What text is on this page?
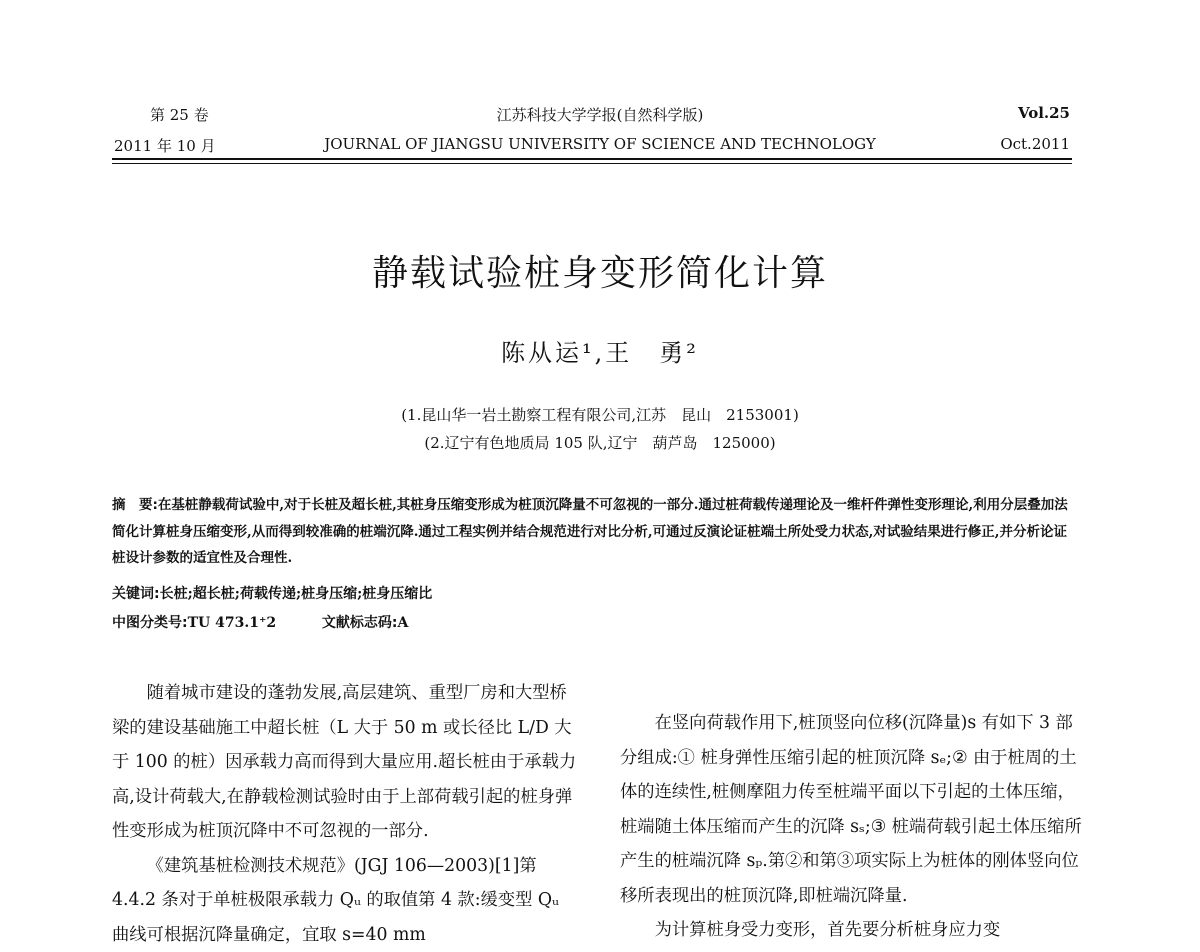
第 25 卷
2011 年 10 月
江苏科技大学学报(自然科学版)
JOURNAL OF JIANGSU UNIVERSITY OF SCIENCE AND TECHNOLOGY
Vol.25
Oct.2011
静载试验桩身变形简化计算
陈从运¹,王　勇²
(1.昆山华一岩土勘察工程有限公司,江苏　昆山　2153001)
(2.辽宁有色地质局 105 队,辽宁　葫芦岛　125000)
摘　要:在基桩静载荷试验中,对于长桩及超长桩,其桩身压缩变形成为桩顶沉降量不可忽视的一部分.通过桩荷载传递理论及一维杆件弹性变形理论,利用分层叠加法简化计算桩身压缩变形,从而得到较准确的桩端沉降.通过工程实例并结合规范进行对比分析,可通过反演论证桩端土所处受力状态,对试验结果进行修正,并分析论证桩设计参数的适宜性及合理性.
关键词:长桩;超长桩;荷载传递;桩身压缩;桩身压缩比
中图分类号:TU 473.1⁺2	文献标志码:A

随着城市建设的蓬勃发展,高层建筑、重型厂房和大型桥梁的建设基础施工中超长桩（L 大于 50 m 或长径比 L/D 大于 100 的桩）因承载力高而得到大量应用.超长桩由于承载力高,设计荷载大,在静载检测试验时由于上部荷载引起的桩身弹性变形成为桩顶沉降中不可忽视的一部分.

《建筑基桩检测技术规范》(JGJ 106—2003)[1]第 4.4.2 条对于单桩极限承载力 Qᵤ 的取值第 4 款:缓变型 Qᵤ 曲线可根据沉降量确定，宜取 s=40 mm

在竖向荷载作用下,桩顶竖向位移(沉降量)s 有如下 3 部分组成:① 桩身弹性压缩引起的桩顶沉降 sₑ;② 由于桩周的土体的连续性,桩侧摩阻力传至桩端平面以下引起的土体压缩，桩端随土体压缩而产生的沉降 sₛ;③ 桩端荷载引起土体压缩所产生的桩端沉降 sₚ.第②和第③项实际上为桩体的刚体竖向位移所表现出的桩顶沉降,即桩端沉降量.

为计算桩身受力变形，首先要分析桩身应力变
